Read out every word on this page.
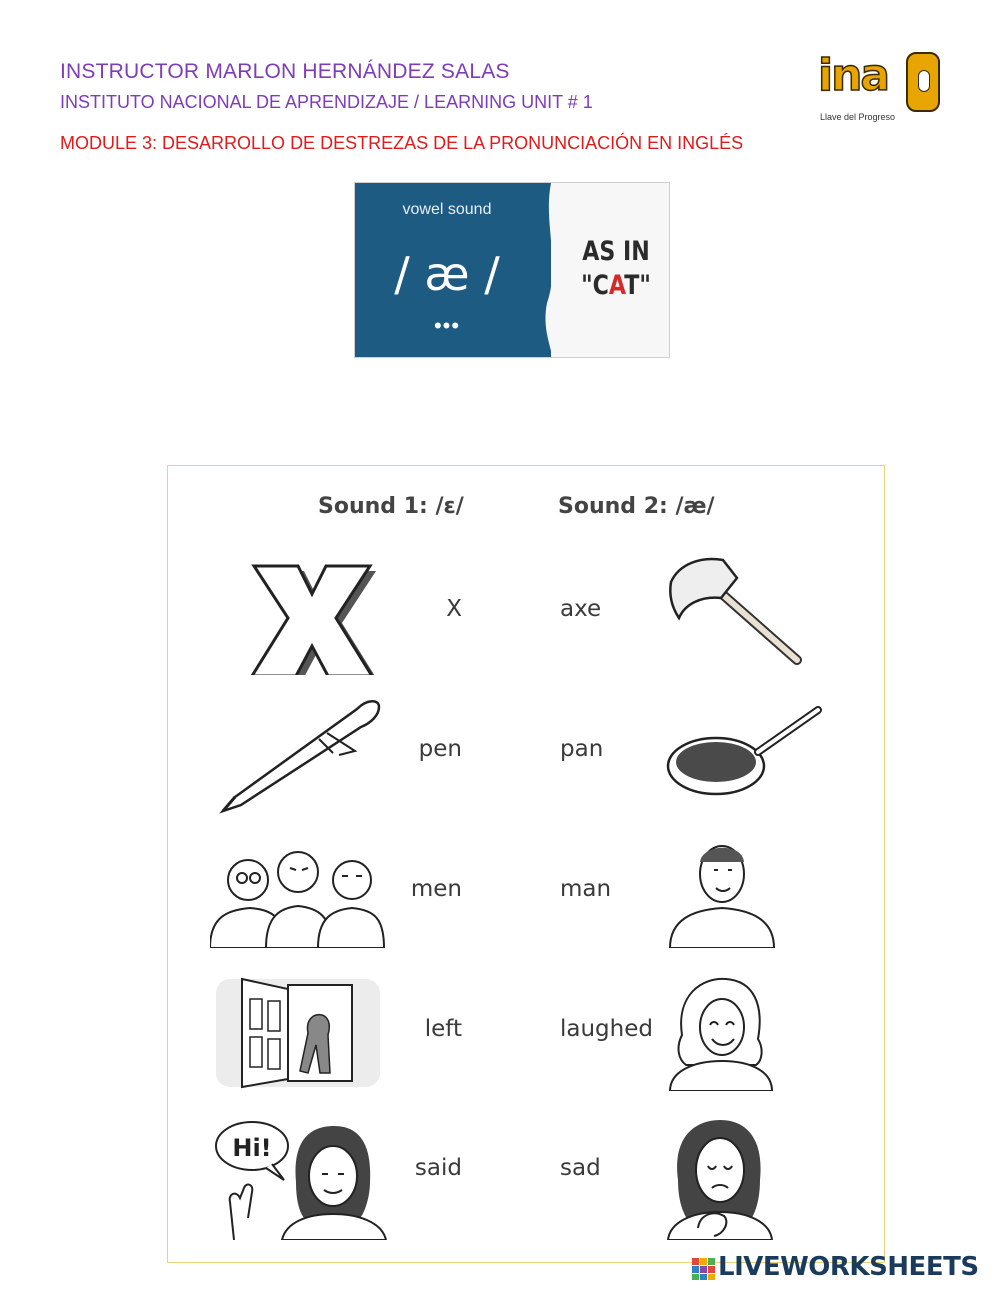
INSTRUCTOR MARLON HERNÁNDEZ SALAS
INSTITUTO NACIONAL DE APRENDIZAJE / LEARNING UNIT # 1
MODULE 3: DESARROLLO DE DESTREZAS DE LA PRONUNCIACIÓN EN INGLÉS
ina
Llave del Progreso
vowel sound
/ æ /
•••
AS IN
"CAT"
Sound 1: /ɛ/	Sound 2: /æ/
X	axe
pen	pan
men	man
left	laughed
Hi!
said	sad
LIVEWORKSHEETS
